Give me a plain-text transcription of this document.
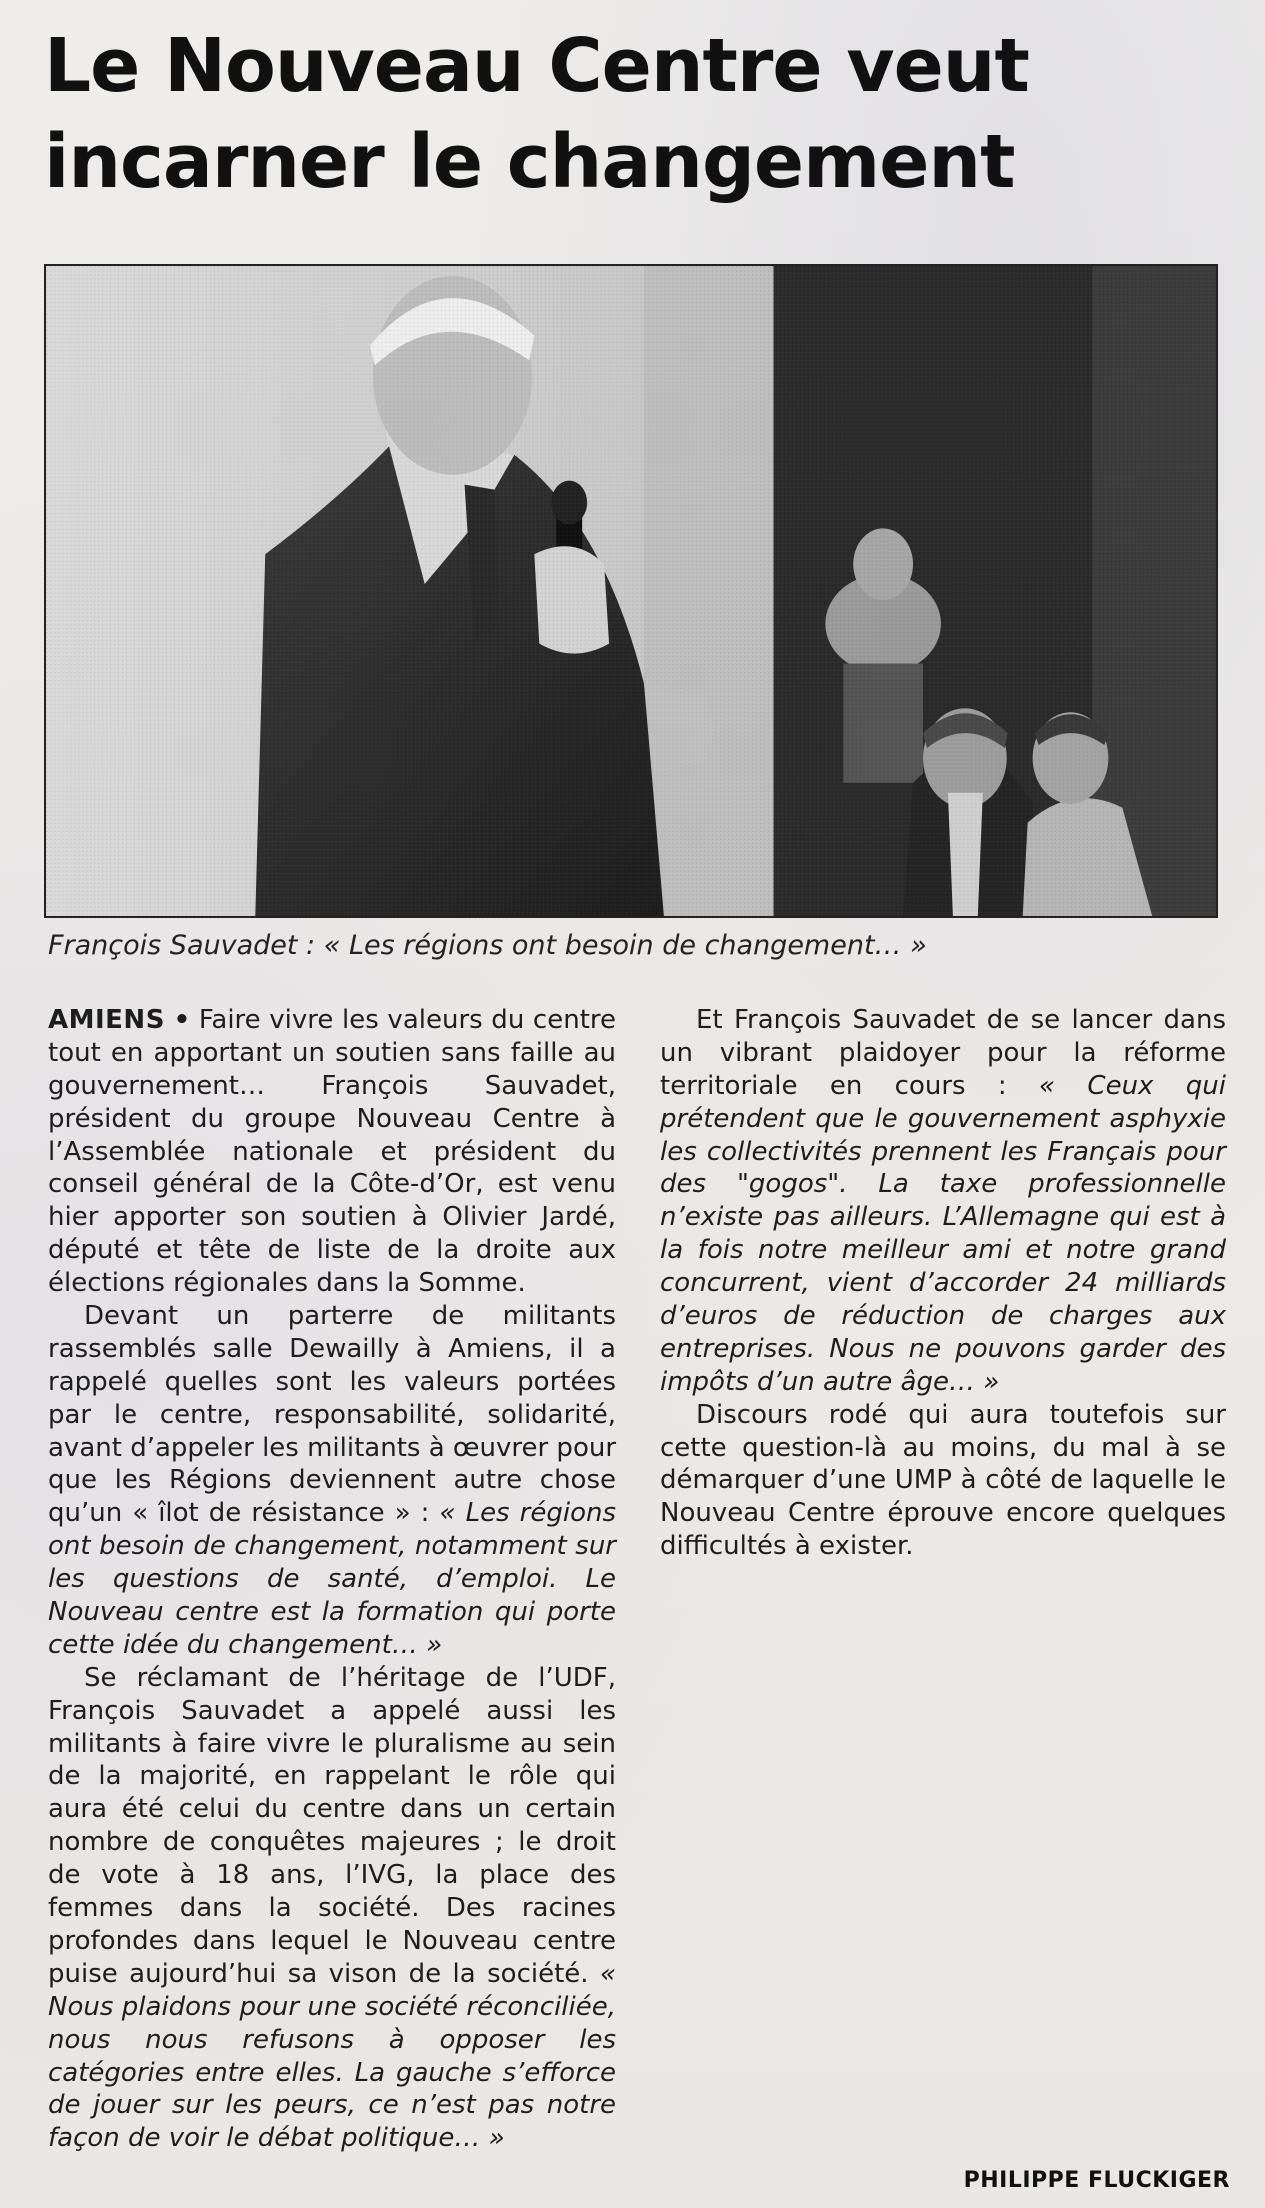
Le Nouveau Centre veut
incarner le changement
François Sauvadet : « Les régions ont besoin de changement… »

AMIENS • Faire vivre les valeurs du centre tout en apportant un soutien sans faille au gouvernement… François Sauvadet, président du groupe Nouveau Centre à l’Assemblée nationale et président du conseil général de la Côte-d’Or, est venu hier apporter son soutien à Olivier Jardé, député et tête de liste de la droite aux élections régionales dans la Somme.

Devant un parterre de militants rassemblés salle Dewailly à Amiens, il a rappelé quelles sont les valeurs portées par le centre, responsabilité, solidarité, avant d’appeler les militants à œuvrer pour que les Régions deviennent autre chose qu’un « îlot de résistance » : « Les régions ont besoin de changement, notamment sur les questions de santé, d’emploi. Le Nouveau centre est la formation qui porte cette idée du changement… »

Se réclamant de l’héritage de l’UDF, François Sauvadet a appelé aussi les militants à faire vivre le pluralisme au sein de la majorité, en rappelant le rôle qui aura été celui du centre dans un certain nombre de conquêtes majeures ; le droit de vote à 18 ans, l’IVG, la place des femmes dans la société. Des racines profondes dans lequel le Nouveau centre puise aujourd’hui sa vison de la société. « Nous plaidons pour une société réconciliée, nous nous refusons à opposer les catégories entre elles. La gauche s’efforce de jouer sur les peurs, ce n’est pas notre façon de voir le débat politique… »

Et François Sauvadet de se lancer dans un vibrant plaidoyer pour la réforme territoriale en cours : « Ceux qui prétendent que le gouvernement asphyxie les collectivités prennent les Français pour des "gogos". La taxe professionnelle n’existe pas ailleurs. L’Allemagne qui est à la fois notre meilleur ami et notre grand concurrent, vient d’accorder 24 milliards d’euros de réduction de charges aux entreprises. Nous ne pouvons garder des impôts d’un autre âge… »

Discours rodé qui aura toutefois sur cette question-là au moins, du mal à se démarquer d’une UMP à côté de laquelle le Nouveau Centre éprouve encore quelques difficultés à exister.

PHILIPPE FLUCKIGER
